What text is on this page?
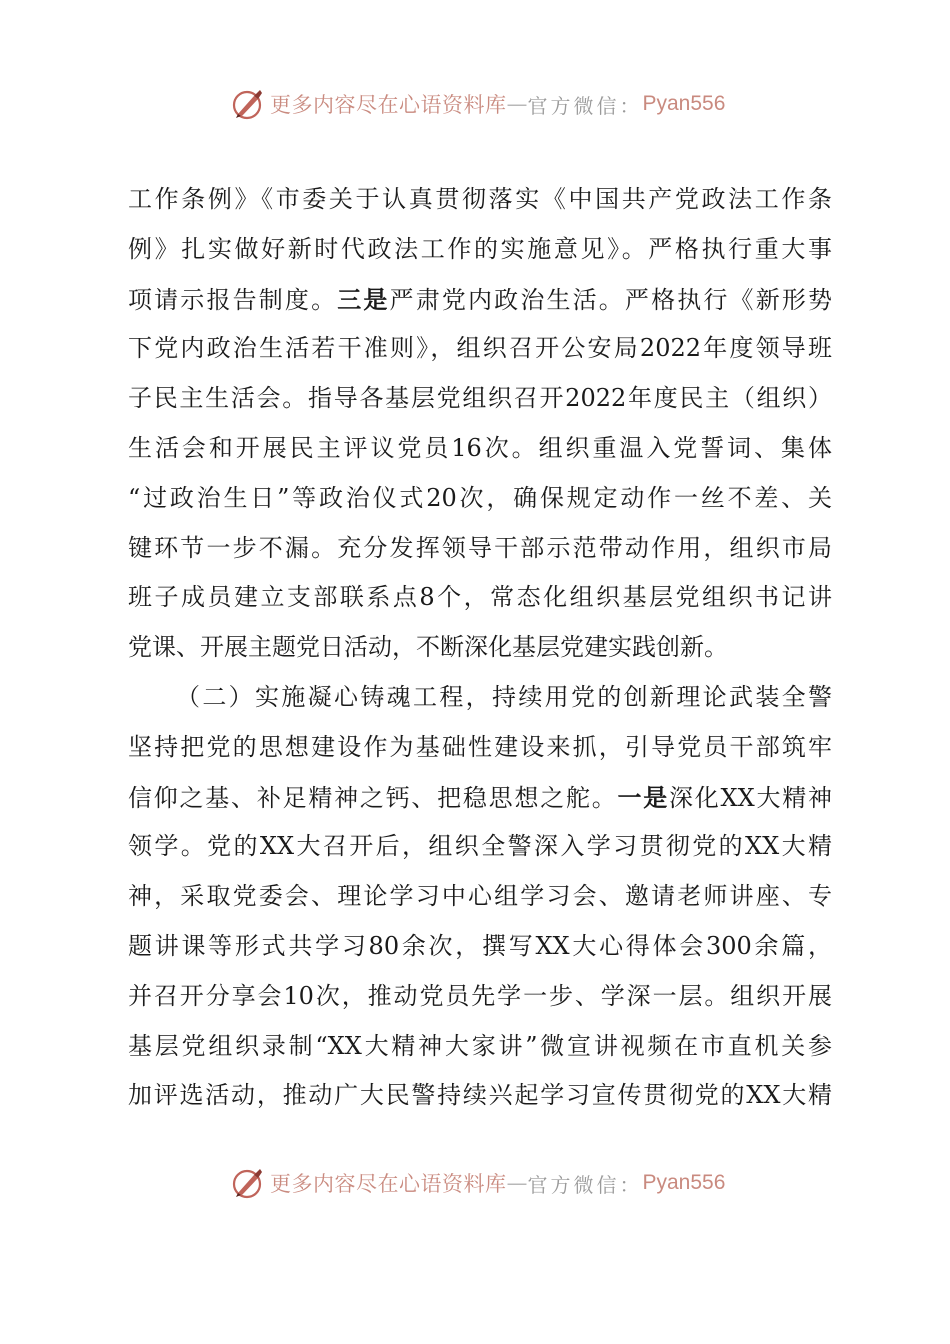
更多内容尽在心语资料库 — 官方微信： Pyan556
工作条例》《市委关于认真贯彻落实《中国共产党政法工作条
例》扎实做好新时代政法工作的实施意见》。严格执行重大事
项请示报告制度。三是严肃党内政治生活。严格执行《新形势
下党内政治生活若干准则》，组织召开公安局2022年度领导班
子民主生活会。指导各基层党组织召开2022年度民主（组织）
生活会和开展民主评议党员16次。组织重温入党誓词、集体
“过政治生日”等政治仪式20次，确保规定动作一丝不差、关
键环节一步不漏。充分发挥领导干部示范带动作用，组织市局
班子成员建立支部联系点8个，常态化组织基层党组织书记讲
党课、开展主题党日活动，不断深化基层党建实践创新。
（二）实施凝心铸魂工程，持续用党的创新理论武装全警
坚持把党的思想建设作为基础性建设来抓，引导党员干部筑牢
信仰之基、补足精神之钙、把稳思想之舵。一是深化XX大精神
领学。党的XX大召开后，组织全警深入学习贯彻党的XX大精
神，采取党委会、理论学习中心组学习会、邀请老师讲座、专
题讲课等形式共学习80余次，撰写XX大心得体会300余篇，
并召开分享会10次，推动党员先学一步、学深一层。组织开展
基层党组织录制“XX大精神大家讲”微宣讲视频在市直机关参
加评选活动，推动广大民警持续兴起学习宣传贯彻党的XX大精
更多内容尽在心语资料库 — 官方微信： Pyan556
